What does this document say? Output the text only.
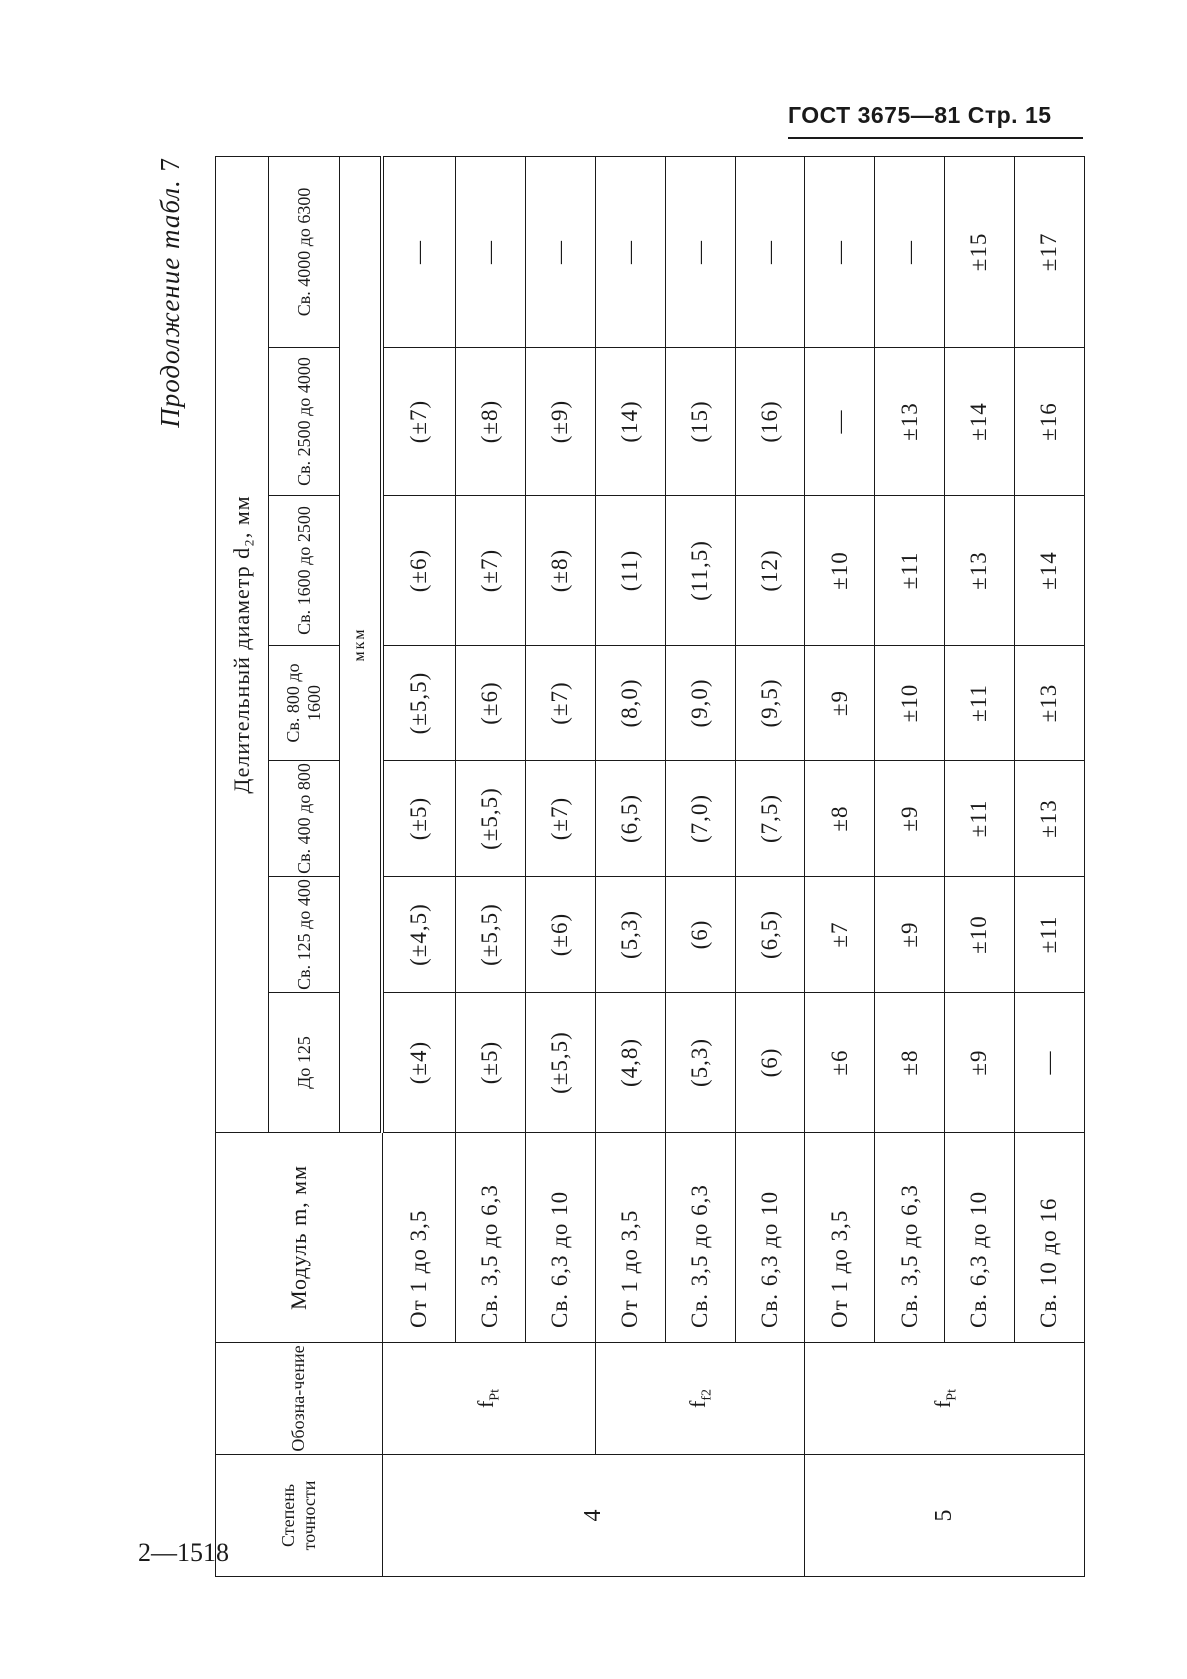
ГОСТ 3675—81 Стр. 15
Продолжение табл. 7
Степень точности	Обозна-чение	Модуль m, мм	Делительный диаметр d₂, мм						
			До 125	Св. 125 до 400	Св. 400 до 800	Св. 800 до 1600	Св. 1600 до 2500	Св. 2500 до 4000	Св. 4000 до 6300
			мкм						
4	$f_{Pt}$	От 1 до 3,5	(±4)	(±4,5)	(±5)	(±5,5)	(±6)	(±7)	—
		Св. 3,5 до 6,3	(±5)	(±5,5)	(±5,5)	(±6)	(±7)	(±8)	—
		Св. 6,3 до 10	(±5,5)	(±6)	(±7)	(±7)	(±8)	(±9)	—
	$f_{f2}$	От 1 до 3,5	(4,8)	(5,3)	(6,5)	(8,0)	(11)	(14)	—
		Св. 3,5 до 6,3	(5,3)	(6)	(7,0)	(9,0)	(11,5)	(15)	—
		Св. 6,3 до 10	(6)	(6,5)	(7,5)	(9,5)	(12)	(16)	—
5	$f_{Pt}$	От 1 до 3,5	±6	±7	±8	±9	±10	—	—
		Св. 3,5 до 6,3	±8	±9	±9	±10	±11	±13	—
		Св. 6,3 до 10	±9	±10	±11	±11	±13	±14	±15
		Св. 10 до 16	—	±11	±13	±13	±14	±16	±17
2—1518
